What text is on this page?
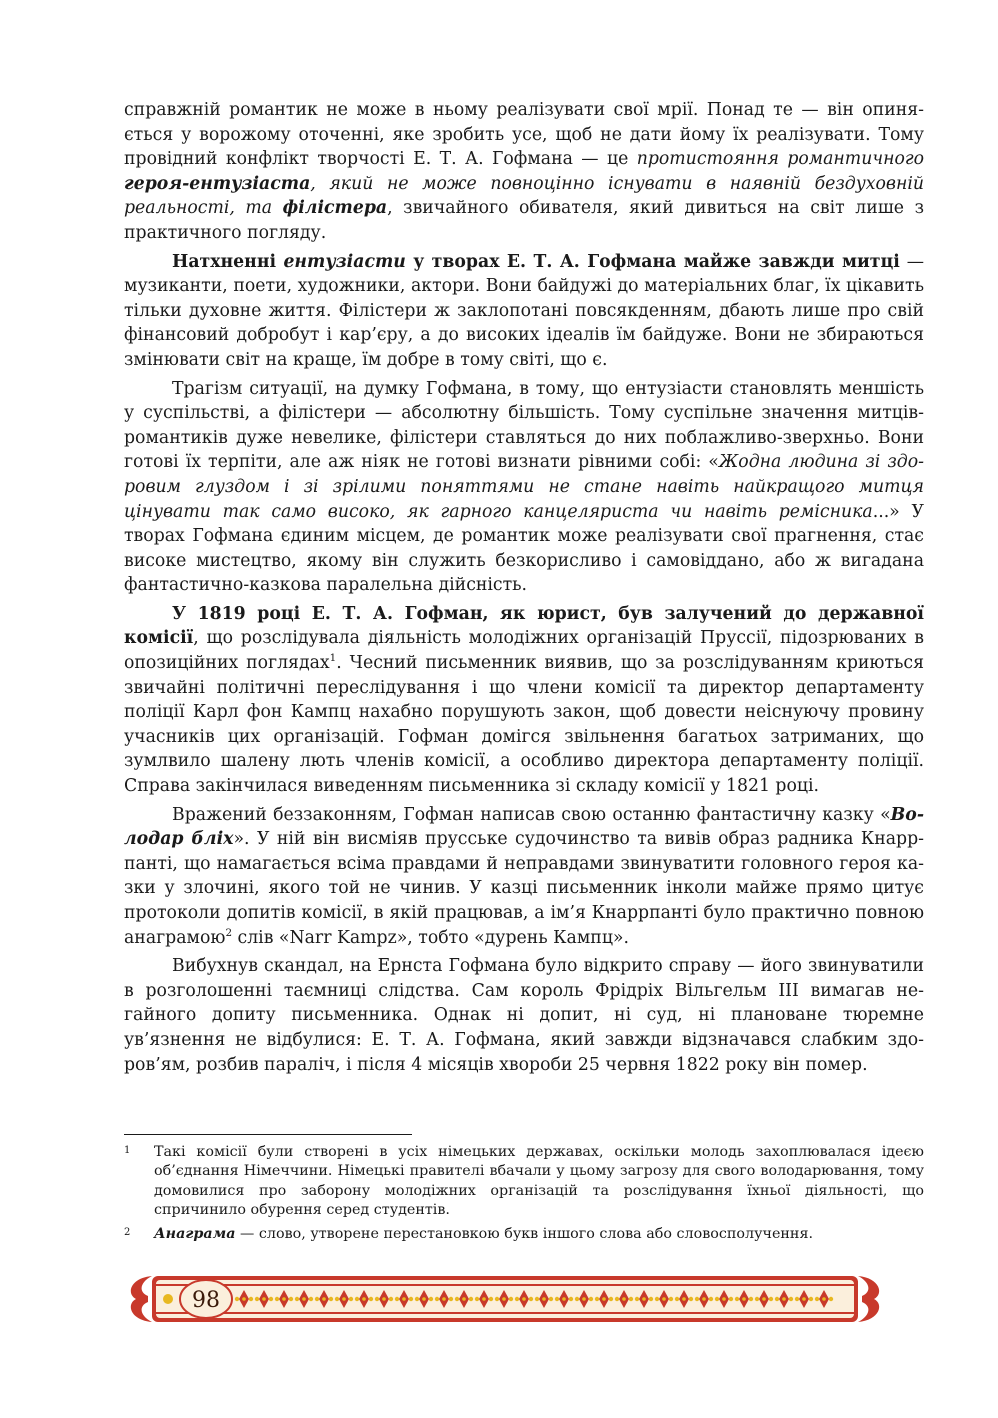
справжній романтик не може в ньому реалізувати свої мрії. Понад те — він опиняється у ворожому оточенні, яке зробить усе, щоб не дати йому їх реалізувати. Тому провідний конфлікт творчості Е. Т. А. Гофмана — це протистояння романтичного героя-ентузіаста, який не може повноцінно існувати в наявній бездуховній реальності, та філістера, звичайного обивателя, який дивиться на світ лише з практичного погляду.

Натхненні ентузіасти у творах Е. Т. А. Гофмана майже завжди митці — музиканти, поети, художники, актори. Вони байдужі до матеріальних благ, їх цікавить тільки духовне життя. Філістери ж заклопотані повсякденням, дбають лише про свій фінансовий добробут і кар’єру, а до високих ідеалів їм байдуже. Вони не збираються змінювати світ на краще, їм добре в тому світі, що є.

Трагізм ситуації, на думку Гофмана, в тому, що ентузіасти становлять меншість у суспільстві, а філістери — абсолютну більшість. Тому суспільне значення митців-романтиків дуже невелике, філістери ставляться до них поблажливо-зверхньо. Вони готові їх терпіти, але аж ніяк не готові визнати рівними собі: «Жодна людина зі здоровим глуздом і зі зрілими поняттями не стане навіть найкращого митця цінувати так само високо, як гарного канцеляриста чи навіть ремісника...» У творах Гофмана єдиним місцем, де романтик може реалізувати свої прагнення, стає високе мистецтво, якому він служить безкорисливо і самовіддано, або ж вигадана фантастично-казкова паралельна дійсність.

У 1819 році Е. Т. А. Гофман, як юрист, був залучений до державної комісії, що розслідувала діяльність молодіжних організацій Пруссії, підозрюваних в опозиційних поглядах$^1$. Чесний письменник виявив, що за розслідуванням криються звичайні політичні переслідування і що члени комісії та директор департаменту поліції Карл фон Кампц нахабно порушують закон, щоб довести неіснуючу провину учасників цих організацій. Гофман домігся звільнення багатьох затриманих, що зумлвило шалену лють членів комісії, а особливо директора департаменту поліції. Справа закінчилася виведенням письменника зі складу комісії у 1821 році.

Вражений беззаконням, Гофман написав свою останню фантастичну казку «Володар бліх». У ній він висміяв прусське судочинство та вивів образ радника Кнаррпанті, що намагається всіма правдами й неправдами звинуватити головного героя казки у злочині, якого той не чинив. У казці письменник інколи майже прямо цитує протоколи допитів комісії, в якій працював, а ім’я Кнаррпанті було практично повною анаграмою$^2$ слів «Narr Kampz», тобто «дурень Кампц».

Вибухнув скандал, на Ернста Гофмана було відкрито справу — його звинуватили в розголошенні таємниці слідства. Сам король Фрідріх Вільгельм III вимагав негайного допиту письменника. Однак ні допит, ні суд, ні плановане тюремне ув’язнення не відбулися: Е. Т. А. Гофмана, який завжди відзначався слабким здоров’ям, розбив параліч, і після 4 місяців хвороби 25 червня 1822 року він помер.

1	Такі комісії були створені в усіх німецьких державах, оскільки молодь захоплювалася ідеєю об’єднання Німеччини. Німецькі правителі вбачали у цьому загрозу для свого володарювання, тому домовилися про заборону молодіжних організацій та розслідування їхньої діяльності, що спричинило обурення серед студентів.
2	Анаграма — слово, утворене перестановкою букв іншого слова або словосполучення.
98
